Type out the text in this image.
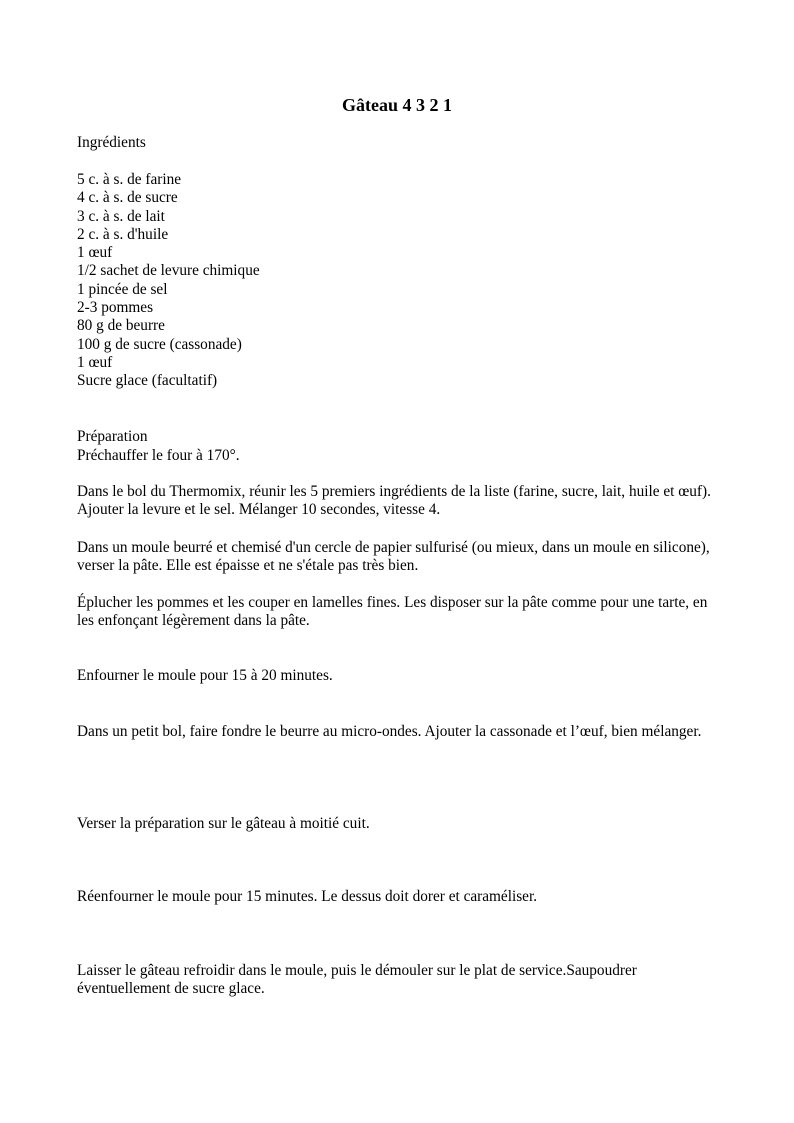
Gâteau 4 3 2 1
Ingrédients
5 c. à s. de farine
4 c. à s. de sucre
3 c. à s. de lait
2 c. à s. d'huile
1 œuf
1/2 sachet de levure chimique
1 pincée de sel
2-3 pommes
80 g de beurre
100 g de sucre (cassonade)
1 œuf
Sucre glace (facultatif)
Préparation
Préchauffer le four à 170°.
Dans le bol du Thermomix, réunir les 5 premiers ingrédients de la liste (farine, sucre, lait, huile et œuf). Ajouter la levure et le sel. Mélanger 10 secondes, vitesse 4.
Dans un moule beurré et chemisé d'un cercle de papier sulfurisé (ou mieux, dans un moule en silicone), verser la pâte. Elle est épaisse et ne s'étale pas très bien.
Éplucher les pommes et les couper en lamelles fines. Les disposer sur la pâte comme pour une tarte, en les enfonçant légèrement dans la pâte.
Enfourner le moule pour 15 à 20 minutes.
Dans un petit bol, faire fondre le beurre au micro-ondes. Ajouter la cassonade et l’œuf, bien mélanger.
Verser la préparation sur le gâteau à moitié cuit.
Réenfourner le moule pour 15 minutes. Le dessus doit dorer et caraméliser.
Laisser le gâteau refroidir dans le moule, puis le démouler sur le plat de service.Saupoudrer éventuellement de sucre glace.
